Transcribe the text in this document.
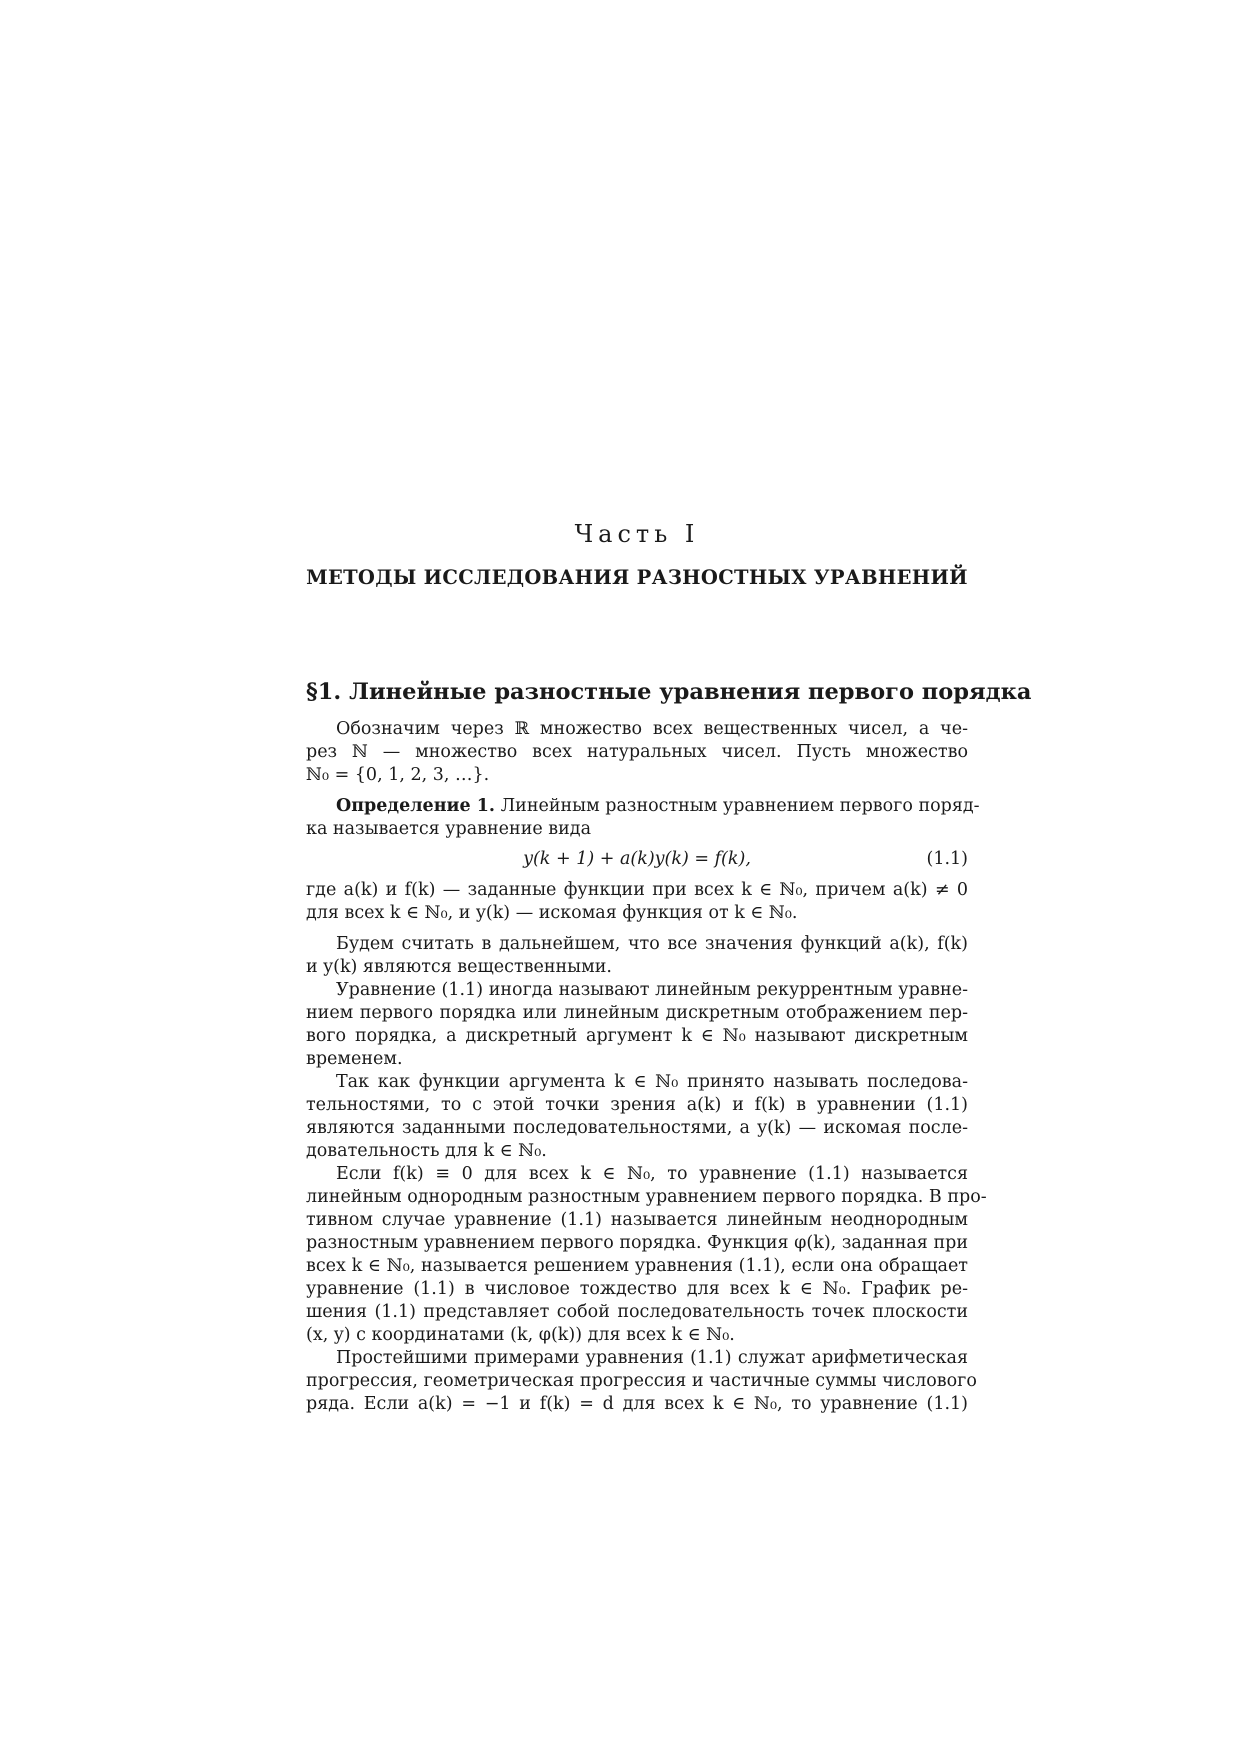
Часть I
МЕТОДЫ ИССЛЕДОВАНИЯ РАЗНОСТНЫХ УРАВНЕНИЙ
§1. Линейные разностные уравнения первого порядка
Обозначим через ℝ множество всех вещественных чисел, а че-
рез ℕ — множество всех натуральных чисел. Пусть множество
ℕ₀ = {0, 1, 2, 3, …}.
Определение 1. Линейным разностным уравнением первого поряд-
ка называется уравнение вида
y(k + 1) + a(k)y(k) = f(k),	(1.1)
где a(k) и f(k) — заданные функции при всех k ∈ ℕ₀, причем a(k) ≠ 0
для всех k ∈ ℕ₀, и y(k) — искомая функция от k ∈ ℕ₀.
Будем считать в дальнейшем, что все значения функций a(k), f(k)
и y(k) являются вещественными.
Уравнение (1.1) иногда называют линейным рекуррентным уравне-
нием первого порядка или линейным дискретным отображением пер-
вого порядка, а дискретный аргумент k ∈ ℕ₀ называют дискретным
временем.
Так как функции аргумента k ∈ ℕ₀ принято называть последова-
тельностями, то с этой точки зрения a(k) и f(k) в уравнении (1.1)
являются заданными последовательностями, а y(k) — искомая после-
довательность для k ∈ ℕ₀.
Если f(k) ≡ 0 для всех k ∈ ℕ₀, то уравнение (1.1) называется
линейным однородным разностным уравнением первого порядка. В про-
тивном случае уравнение (1.1) называется линейным неоднородным
разностным уравнением первого порядка. Функция φ(k), заданная при
всех k ∈ ℕ₀, называется решением уравнения (1.1), если она обращает
уравнение (1.1) в числовое тождество для всех k ∈ ℕ₀. График ре-
шения (1.1) представляет собой последовательность точек плоскости
(x, y) с координатами (k, φ(k)) для всех k ∈ ℕ₀.
Простейшими примерами уравнения (1.1) служат арифметическая
прогрессия, геометрическая прогрессия и частичные суммы числового
ряда. Если a(k) = −1 и f(k) = d для всех k ∈ ℕ₀, то уравнение (1.1)
